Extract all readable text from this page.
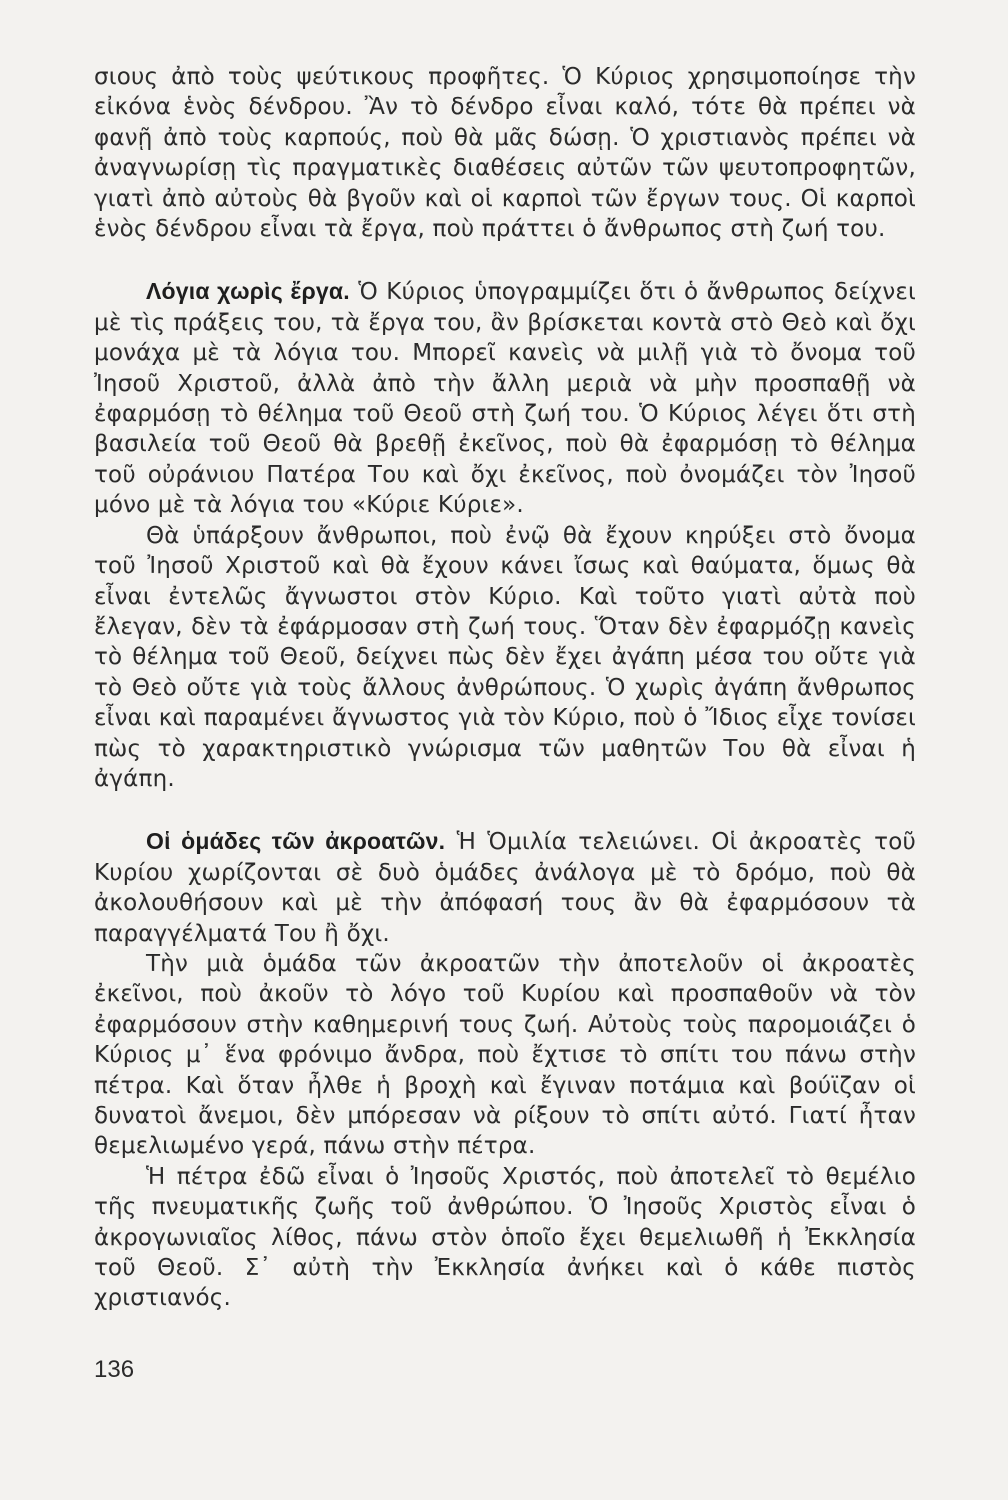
σιους ἀπὸ τοὺς ψεύτικους προφῆτες. Ὁ Κύριος χρησιμοποίησε τὴν εἰκόνα ἑνὸς δένδρου. Ἂν τὸ δένδρο εἶναι καλό, τότε θὰ πρέπει νὰ φανῇ ἀπὸ τοὺς καρπούς, ποὺ θὰ μᾶς δώσῃ. Ὁ χριστιανὸς πρέπει νὰ ἀναγνωρίσῃ τὶς πραγματικὲς διαθέσεις αὐτῶν τῶν ψευτοπροφητῶν, γιατὶ ἀπὸ αὐτοὺς θὰ βγοῦν καὶ οἱ καρποὶ τῶν ἔργων τους. Οἱ καρποὶ ἑνὸς δένδρου εἶναι τὰ ἔργα, ποὺ πράττει ὁ ἄνθρωπος στὴ ζωή του.

Λόγια χωρὶς ἔργα. Ὁ Κύριος ὑπογραμμίζει ὅτι ὁ ἄνθρωπος δείχνει μὲ τὶς πράξεις του, τὰ ἔργα του, ἂν βρίσκεται κοντὰ στὸ Θεὸ καὶ ὄχι μονάχα μὲ τὰ λόγια του. Μπορεῖ κανεὶς νὰ μιλῇ γιὰ τὸ ὄνομα τοῦ Ἰησοῦ Χριστοῦ, ἀλλὰ ἀπὸ τὴν ἄλλη μεριὰ νὰ μὴν προσπαθῇ νὰ ἐφαρμόσῃ τὸ θέλημα τοῦ Θεοῦ στὴ ζωή του. Ὁ Κύριος λέγει ὅτι στὴ βασιλεία τοῦ Θεοῦ θὰ βρεθῇ ἐκεῖνος, ποὺ θὰ ἐφαρμόσῃ τὸ θέλημα τοῦ οὐράνιου Πατέρα Του καὶ ὄχι ἐκεῖνος, ποὺ ὀνομάζει τὸν Ἰησοῦ μόνο μὲ τὰ λόγια του «Κύριε Κύριε».

Θὰ ὑπάρξουν ἄνθρωποι, ποὺ ἐνῷ θὰ ἔχουν κηρύξει στὸ ὄνομα τοῦ Ἰησοῦ Χριστοῦ καὶ θὰ ἔχουν κάνει ἴσως καὶ θαύματα, ὅμως θὰ εἶναι ἐντελῶς ἄγνωστοι στὸν Κύριο. Καὶ τοῦτο γιατὶ αὐτὰ ποὺ ἔλεγαν, δὲν τὰ ἐφάρμοσαν στὴ ζωή τους. Ὅταν δὲν ἐφαρμόζῃ κανεὶς τὸ θέλημα τοῦ Θεοῦ, δείχνει πὼς δὲν ἔχει ἀγάπη μέσα του οὔτε γιὰ τὸ Θεὸ οὔτε γιὰ τοὺς ἄλλους ἀνθρώπους. Ὁ χωρὶς ἀγάπη ἄνθρωπος εἶναι καὶ παραμένει ἄγνωστος γιὰ τὸν Κύριο, ποὺ ὁ Ἴδιος εἶχε τονίσει πὼς τὸ χαρακτηριστικὸ γνώρισμα τῶν μαθητῶν Του θὰ εἶναι ἡ ἀγάπη.

Οἱ ὁμάδες τῶν ἀκροατῶν. Ἡ Ὁμιλία τελειώνει. Οἱ ἀκροατὲς τοῦ Κυρίου χωρίζονται σὲ δυὸ ὁμάδες ἀνάλογα μὲ τὸ δρόμο, ποὺ θὰ ἀκολουθήσουν καὶ μὲ τὴν ἀπόφασή τους ἂν θὰ ἐφαρμόσουν τὰ παραγγέλματά Του ἢ ὄχι.

Τὴν μιὰ ὁμάδα τῶν ἀκροατῶν τὴν ἀποτελοῦν οἱ ἀκροατὲς ἐκεῖνοι, ποὺ ἀκοῦν τὸ λόγο τοῦ Κυρίου καὶ προσπαθοῦν νὰ τὸν ἐφαρμόσουν στὴν καθημερινή τους ζωή. Αὐτοὺς τοὺς παρομοιάζει ὁ Κύριος μ᾿ ἕνα φρόνιμο ἄνδρα, ποὺ ἔχτισε τὸ σπίτι του πάνω στὴν πέτρα. Καὶ ὅταν ἦλθε ἡ βροχὴ καὶ ἔγιναν ποτάμια καὶ βούϊζαν οἱ δυνατοὶ ἄνεμοι, δὲν μπόρεσαν νὰ ρίξουν τὸ σπίτι αὐτό. Γιατί ἦταν θεμελιωμένο γερά, πάνω στὴν πέτρα.

Ἡ πέτρα ἐδῶ εἶναι ὁ Ἰησοῦς Χριστός, ποὺ ἀποτελεῖ τὸ θεμέλιο τῆς πνευματικῆς ζωῆς τοῦ ἀνθρώπου. Ὁ Ἰησοῦς Χριστὸς εἶναι ὁ ἀκρογωνιαῖος λίθος, πάνω στὸν ὁποῖο ἔχει θεμελιωθῆ ἡ Ἐκκλησία τοῦ Θεοῦ. Σ᾿ αὐτὴ τὴν Ἐκκλησία ἀνήκει καὶ ὁ κάθε πιστὸς χριστιανός.

136
